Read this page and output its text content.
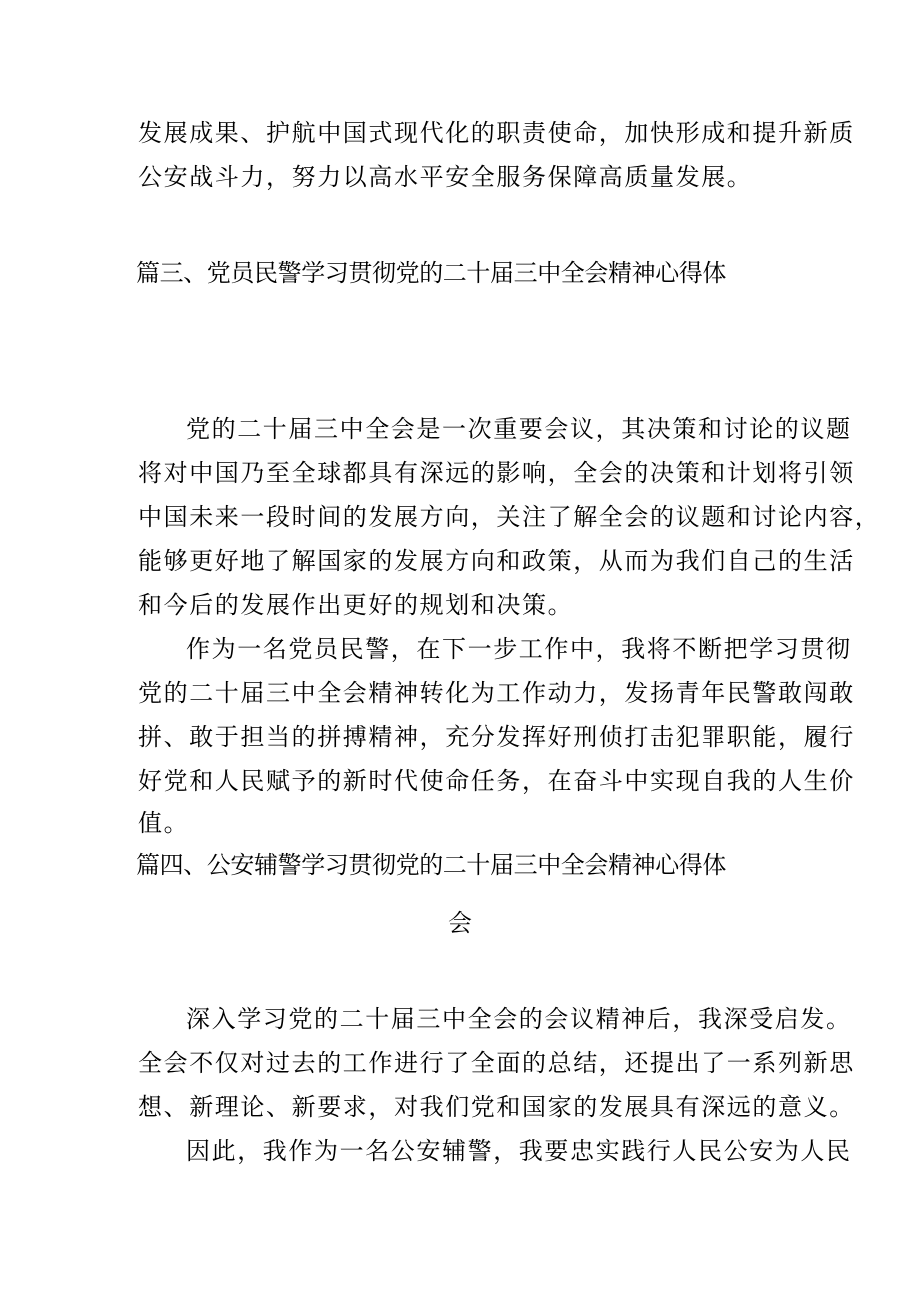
发展成果、护航中国式现代化的职责使命，加快形成和提升新质
公安战斗力，努力以高水平安全服务保障高质量发展。
篇三、党员民警学习贯彻党的二十届三中全会精神心得体
党的二十届三中全会是一次重要会议，其决策和讨论的议题
将对中国乃至全球都具有深远的影响，全会的决策和计划将引领
中国未来一段时间的发展方向，关注了解全会的议题和讨论内容，
能够更好地了解国家的发展方向和政策，从而为我们自己的生活
和今后的发展作出更好的规划和决策。
作为一名党员民警，在下一步工作中，我将不断把学习贯彻
党的二十届三中全会精神转化为工作动力，发扬青年民警敢闯敢
拼、敢于担当的拼搏精神，充分发挥好刑侦打击犯罪职能，履行
好党和人民赋予的新时代使命任务，在奋斗中实现自我的人生价
值。
篇四、公安辅警学习贯彻党的二十届三中全会精神心得体
会
深入学习党的二十届三中全会的会议精神后，我深受启发。
全会不仅对过去的工作进行了全面的总结，还提出了一系列新思
想、新理论、新要求，对我们党和国家的发展具有深远的意义。
因此，我作为一名公安辅警，我要忠实践行人民公安为人民
